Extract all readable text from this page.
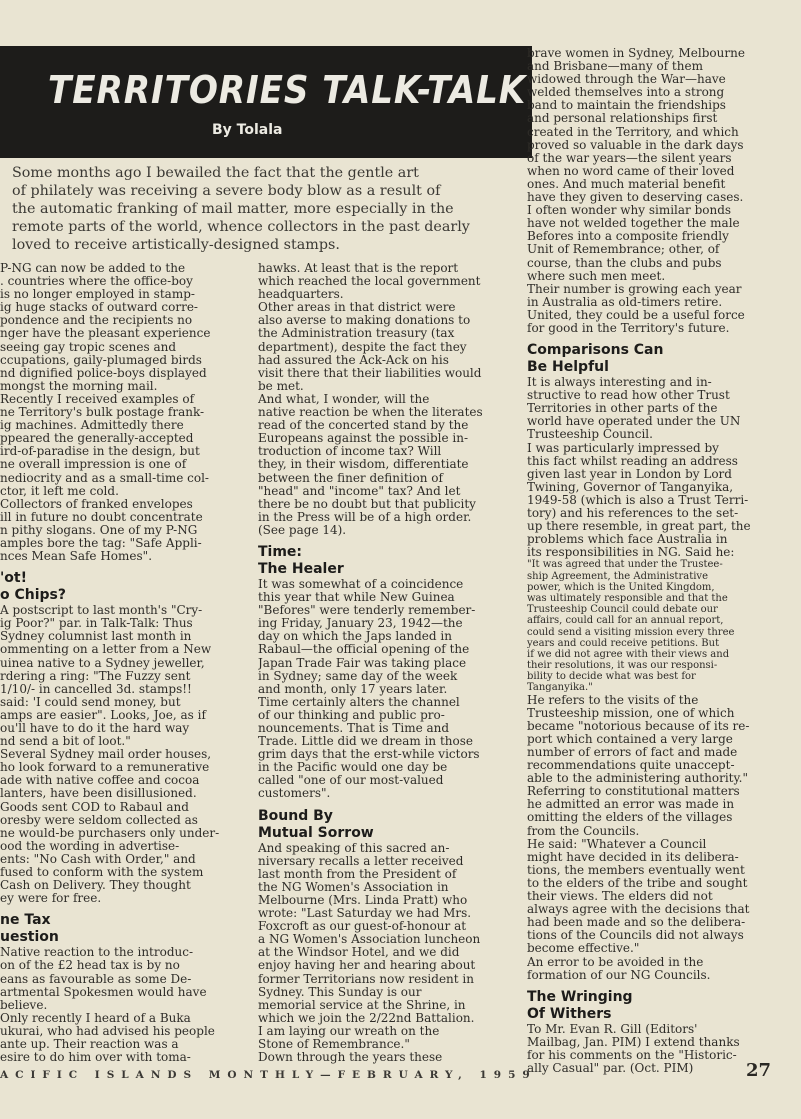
TERRITORIES TALK-TALK
By Tolala
Some months ago I bewailed the fact that the gentle art
of philately was receiving a severe body blow as a result of
the automatic franking of mail matter, more especially in the
remote parts of the world, whence collectors in the past dearly
loved to receive artistically-designed stamps.
P-NG can now be added to the
. countries where the office-boy
is no longer employed in stamp-
ig huge stacks of outward corre-
pondence and the recipients no
nger have the pleasant experience
seeing gay tropic scenes and
ccupations, gaily-plumaged birds
nd dignified police-boys displayed
mongst the morning mail.
Recently I received examples of
ne Territory's bulk postage frank-
ig machines. Admittedly there
ppeared the generally-accepted
ird-of-paradise in the design, but
ne overall impression is one of
nediocrity and as a small-time col-
ctor, it left me cold.
Collectors of franked envelopes
ill in future no doubt concentrate
n pithy slogans. One of my P-NG
amples bore the tag: "Safe Appli-
nces Mean Safe Homes".
'ot!
o Chips?
A postscript to last month's "Cry-
ig Poor?" par. in Talk-Talk: Thus
Sydney columnist last month in
ommenting on a letter from a New
uinea native to a Sydney jeweller,
rdering a ring: "The Fuzzy sent
1/10/- in cancelled 3d. stamps!!
said: 'I could send money, but
amps are easier". Looks, Joe, as if
ou'll have to do it the hard way
nd send a bit of loot."
Several Sydney mail order houses,
ho look forward to a remunerative
ade with native coffee and cocoa
lanters, have been disillusioned.
Goods sent COD to Rabaul and
oresby were seldom collected as
ne would-be purchasers only under-
ood the wording in advertise-
ents: "No Cash with Order," and
fused to conform with the system
Cash on Delivery. They thought
ey were for free.
ne Tax
uestion
Native reaction to the introduc-
on of the £2 head tax is by no
eans as favourable as some De-
artmental Spokesmen would have
believe.
Only recently I heard of a Buka
ukurai, who had advised his people
ante up. Their reaction was a
esire to do him over with toma-
hawks. At least that is the report
which reached the local government
headquarters.
Other areas in that district were
also averse to making donations to
the Administration treasury (tax
department), despite the fact they
had assured the Ack-Ack on his
visit there that their liabilities would
be met.
And what, I wonder, will the
native reaction be when the literates
read of the concerted stand by the
Europeans against the possible in-
troduction of income tax? Will
they, in their wisdom, differentiate
between the finer definition of
"head" and "income" tax? And let
there be no doubt but that publicity
in the Press will be of a high order.
(See page 14).
Time:
The Healer
It was somewhat of a coincidence
this year that while New Guinea
"Befores" were tenderly remember-
ing Friday, January 23, 1942—the
day on which the Japs landed in
Rabaul—the official opening of the
Japan Trade Fair was taking place
in Sydney; same day of the week
and month, only 17 years later.
Time certainly alters the channel
of our thinking and public pro-
nouncements. That is Time and
Trade. Little did we dream in those
grim days that the erst-while victors
in the Pacific would one day be
called "one of our most-valued
customers".
Bound By
Mutual Sorrow
And speaking of this sacred an-
niversary recalls a letter received
last month from the President of
the NG Women's Association in
Melbourne (Mrs. Linda Pratt) who
wrote: "Last Saturday we had Mrs.
Foxcroft as our guest-of-honour at
a NG Women's Association luncheon
at the Windsor Hotel, and we did
enjoy having her and hearing about
former Territorians now resident in
Sydney. This Sunday is our
memorial service at the Shrine, in
which we join the 2/22nd Battalion.
I am laying our wreath on the
Stone of Remembrance."
Down through the years these
brave women in Sydney, Melbourne
and Brisbane—many of them
widowed through the War—have
welded themselves into a strong
band to maintain the friendships
and personal relationships first
created in the Territory, and which
proved so valuable in the dark days
of the war years—the silent years
when no word came of their loved
ones. And much material benefit
have they given to deserving cases.
I often wonder why similar bonds
have not welded together the male
Befores into a composite friendly
Unit of Remembrance; other, of
course, than the clubs and pubs
where such men meet.
Their number is growing each year
in Australia as old-timers retire.
United, they could be a useful force
for good in the Territory's future.
Comparisons Can
Be Helpful
It is always interesting and in-
structive to read how other Trust
Territories in other parts of the
world have operated under the UN
Trusteeship Council.
I was particularly impressed by
this fact whilst reading an address
given last year in London by Lord
Twining, Governor of Tanganyika,
1949-58 (which is also a Trust Terri-
tory) and his references to the set-
up there resemble, in great part, the
problems which face Australia in
its responsibilities in NG. Said he:
"It was agreed that under the Trustee-
ship Agreement, the Administrative
power, which is the United Kingdom,
was ultimately responsible and that the
Trusteeship Council could debate our
affairs, could call for an annual report,
could send a visiting mission every three
years and could receive petitions. But
if we did not agree with their views and
their resolutions, it was our responsi-
bility to decide what was best for
Tanganyika."
He refers to the visits of the
Trusteeship mission, one of which
became "notorious because of its re-
port which contained a very large
number of errors of fact and made
recommendations quite unaccept-
able to the administering authority."
Referring to constitutional matters
he admitted an error was made in
omitting the elders of the villages
from the Councils.
He said: "Whatever a Council
might have decided in its delibera-
tions, the members eventually went
to the elders of the tribe and sought
their views. The elders did not
always agree with the decisions that
had been made and so the delibera-
tions of the Councils did not always
become effective."
An error to be avoided in the
formation of our NG Councils.
The Wringing
Of Withers
To Mr. Evan R. Gill (Editors'
Mailbag, Jan. PIM) I extend thanks
for his comments on the "Historic-
ally Casual" par. (Oct. PIM)
ACIFIC ISLANDS MONTHLY—FEBRUARY, 1959	27
